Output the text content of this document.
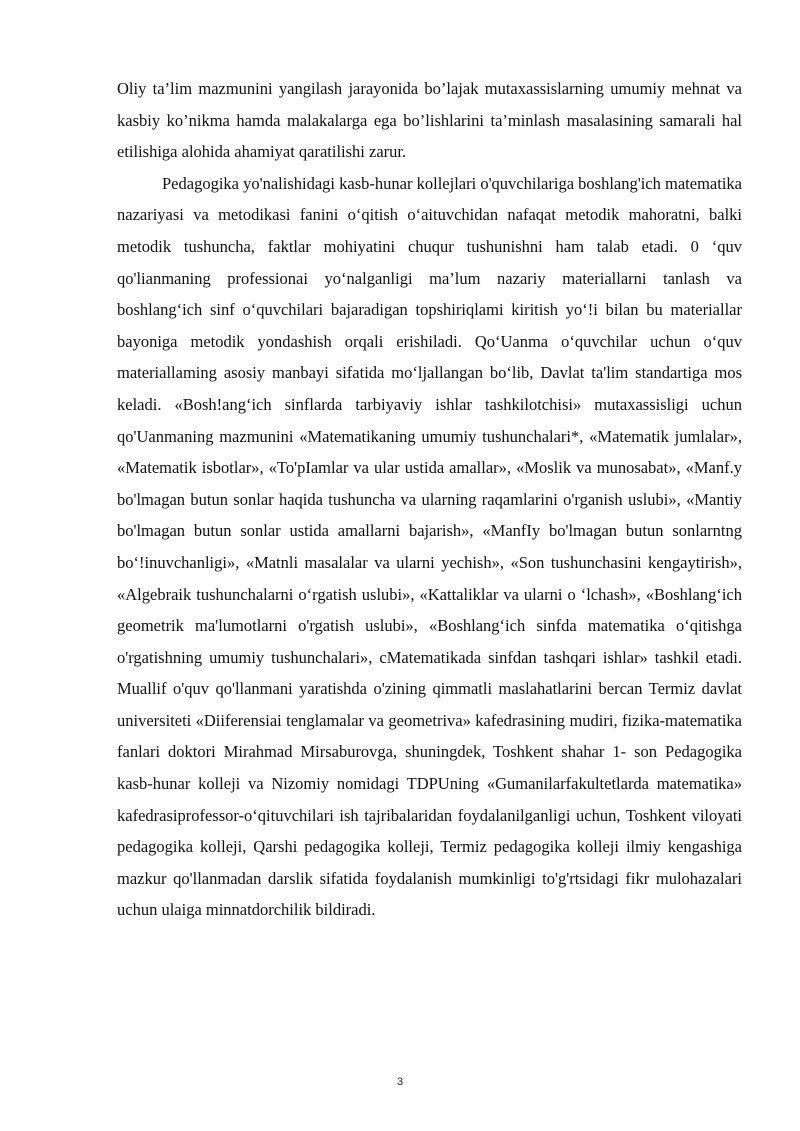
Oliy ta’lim mazmunini yangilash jarayonida bo’lajak mutaxassislarning umumiy mehnat va kasbiy ko’nikma hamda malakalarga ega bo’lishlarini ta’minlash masalasining samarali hal etilishiga alohida ahamiyat qaratilishi zarur.

Pedagogika yo'nalishidagi kasb-hunar kollejlari o'quvchilariga boshlang'ich matematika nazariyasi va metodikasi fanini o‘qitish o‘aituvchidan nafaqat metodik mahoratni, balki metodik tushuncha, faktlar mohiyatini chuqur tushunishni ham talab etadi. 0 ‘quv qo'lianmaning professionai yo‘nalganligi ma’lum nazariy materiallarni tanlash va boshlang‘ich sinf o‘quvchilari bajaradigan topshiriqlami kiritish yo‘!i bilan bu materiallar bayoniga metodik yondashish orqali erishiladi. Qo‘Uanma o‘quvchilar uchun o‘quv materiallaming asosiy manbayi sifatida mo‘ljallangan bo‘lib, Davlat ta'lim standartiga mos keladi. «Bosh!ang‘ich sinflarda tarbiyaviy ishlar tashkilotchisi» mutaxassisligi uchun qo'Uanmaning mazmunini «Matematikaning umumiy tushunchalari*, «Matematik jumlalar», «Matematik isbotlar», «To'pIamlar va ular ustida amallar», «Moslik va munosabat», «Manf.y bo'lmagan butun sonlar haqida tushuncha va ularning raqamlarini o'rganish uslubi», «Mantiy bo'lmagan butun sonlar ustida amallarni bajarish», «ManfIy bo'lmagan butun sonlarntng bo‘!inuvchanligi», «Matnli masalalar va ularni yechish», «Son tushunchasini kengaytirish», «Algebraik tushunchalarni o‘rgatish uslubi», «Kattaliklar va ularni o ‘lchash», «Boshlang‘ich geometrik ma'lumotlarni o'rgatish uslubi», «Boshlang‘ich sinfda matematika o‘qitishga o'rgatishning umumiy tushunchalari», cMatematikada sinfdan tashqari ishlar» tashkil etadi. Muallif o'quv qo'llanmani yaratishda o'zining qimmatli maslahatlarini bercan Termiz davlat universiteti «Diiferensiai tenglamalar va geometriva» kafedrasining mudiri, fizika-matematika fanlari doktori Mirahmad Mirsaburovga, shuningdek, Toshkent shahar 1- son Pedagogika kasb-hunar kolleji va Nizomiy nomidagi TDPUning «Gumanilarfakultetlarda matematika» kafedrasiprofessor-o‘qituvchilari ish tajribalaridan foydalanilganligi uchun, Toshkent viloyati pedagogika kolleji, Qarshi pedagogika kolleji, Termiz pedagogika kolleji ilmiy kengashiga mazkur qo'llanmadan darslik sifatida foydalanish mumkinligi to'g'rtsidagi fikr mulohazalari uchun ulaiga minnatdorchilik bildiradi.

3
